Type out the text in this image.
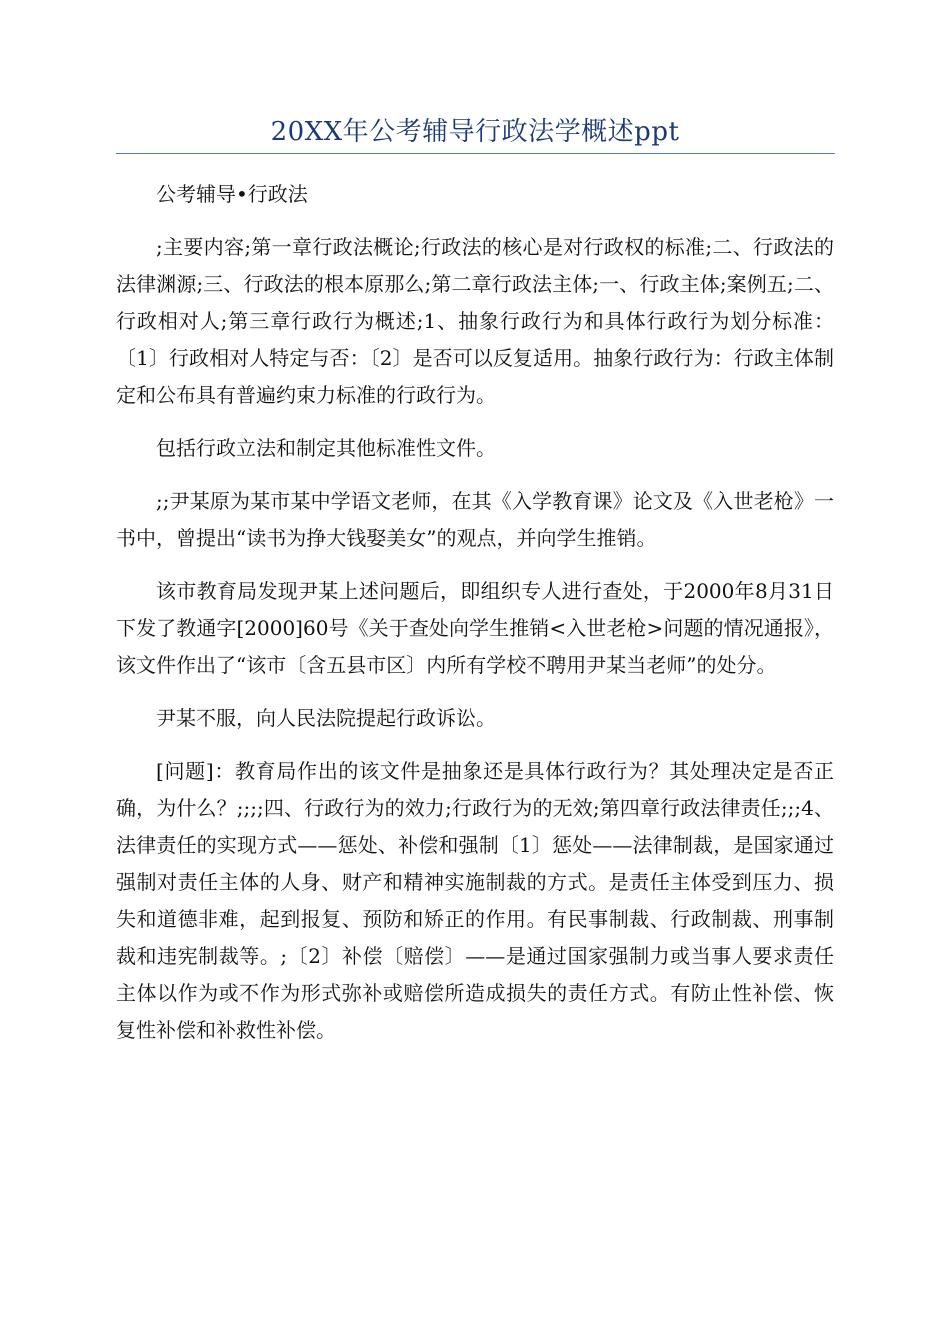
20XX年公考辅导行政法学概述ppt

公考辅导•行政法

;主要内容;第一章行政法概论;行政法的核心是对行政权的标准;二、行政法的法律渊源;三、行政法的根本原那么;第二章行政法主体;一、行政主体;案例五;二、行政相对人;第三章行政行为概述;1、抽象行政行为和具体行政行为划分标准：〔1〕行政相对人特定与否：〔2〕是否可以反复适用。抽象行政行为：行政主体制定和公布具有普遍约束力标准的行政行为。

包括行政立法和制定其他标准性文件。

;;尹某原为某市某中学语文老师，在其《入学教育课》论文及《入世老枪》一书中，曾提出“读书为挣大钱娶美女”的观点，并向学生推销。

该市教育局发现尹某上述问题后，即组织专人进行查处，于2000年8月31日下发了教通字[2000]60号《关于查处向学生推销<入世老枪>问题的情况通报》，该文件作出了“该市〔含五县市区〕内所有学校不聘用尹某当老师”的处分。

尹某不服，向人民法院提起行政诉讼。

[问题]：教育局作出的该文件是抽象还是具体行政行为？其处理决定是否正确，为什么？;;;;四、行政行为的效力;行政行为的无效;第四章行政法律责任;;;4、法律责任的实现方式——惩处、补偿和强制〔1〕惩处——法律制裁，是国家通过强制对责任主体的人身、财产和精神实施制裁的方式。是责任主体受到压力、损失和道德非难，起到报复、预防和矫正的作用。有民事制裁、行政制裁、刑事制裁和违宪制裁等。;〔2〕补偿〔赔偿〕——是通过国家强制力或当事人要求责任主体以作为或不作为形式弥补或赔偿所造成损失的责任方式。有防止性补偿、恢复性补偿和补救性补偿。
